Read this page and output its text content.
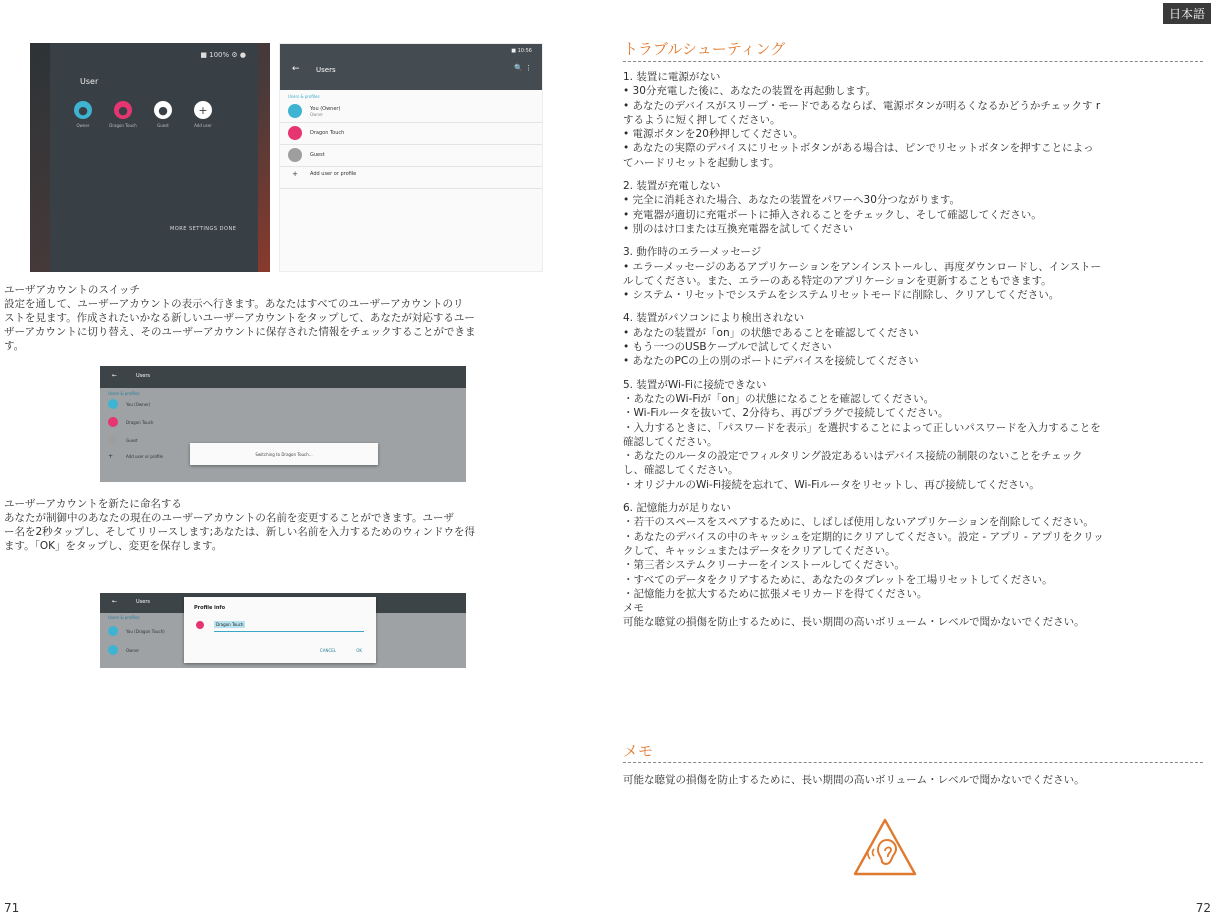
■ 100% ⚙ ●
User
●
Owner
●
Dragon Touch
●
Guest
+
Add user
MORE SETTINGS DONE
■ 10:56
← Users	🔍 ⋮
Users & profiles
You (Owner)
Owner
Dragon Touch
Guest
+	Add user or profile
ユーザアカウントのスイッチ
設定を通して、ユーザーアカウントの表示へ行きます。あなたはすべてのユーザーアカウントのリ
ストを見ます。作成されたいかなる新しいユーザーアカウントをタップして、あなたが対応するユー
ザーアカウントに切り替え、そのユーザーアカウントに保存された情報をチェックすることができま
す。
←	Users
Users & profiles
You (Owner)
Dragon Touch
Guest
+	Add user or profile	Switching to Dragon Touch...
ユーザーアカウントを新たに命名する
あなたが制御中のあなたの現在のユーザーアカウントの名前を変更することができます。ユーザ
ー名を2秒タップし、そしてリリースします;あなたは、新しい名前を入力するためのウィンドウを得
ます。「OK」をタップし、変更を保存します。
←	Users
Users & profiles
You (Dragon Touch)
Owner
Profile info
Dragon Touch
CANCEL	OK
71
日本語
トラブルシューティング

1. 装置に電源がない

• 30分充電した後に、あなたの装置を再起動します。

• あなたのデバイスがスリープ・モードであるならば、電源ボタンが明るくなるかどうかチェックす r

するように短く押してください。

• 電源ボタンを20秒押してください。

• あなたの実際のデバイスにリセットボタンがある場合は、ピンでリセットボタンを押すことによっ

てハードリセットを起動します。

2. 装置が充電しない

• 完全に消耗された場合、あなたの装置をパワーへ30分つながります。

• 充電器が適切に充電ポートに挿入されることをチェックし、そして確認してください。

• 別のはけ口または互換充電器を試してください

3. 動作時のエラーメッセージ

• エラーメッセージのあるアプリケーションをアンインストールし、再度ダウンロードし、インストー

ルしてください。また、エラーのある特定のアプリケーションを更新することもできます。

• システム・リセットでシステムをシステムリセットモードに削除し、クリアしてください。

4. 装置がパソコンにより検出されない

• あなたの装置が「on」の状態であることを確認してください

• もう一つのUSBケーブルで試してください

• あなたのPCの上の別のポートにデバイスを接続してください

5. 装置がWi-Fiに接続できない

・あなたのWi-Fiが「on」の状態になることを確認してください。

・Wi-Fiルータを抜いて、2分待ち、再びプラグで接続してください。

・入力するときに、「パスワードを表示」を選択することによって正しいパスワードを入力することを

確認してください。

・あなたのルータの設定でフィルタリング設定あるいはデバイス接続の制限のないことをチェック

し、確認してください。

・オリジナルのWi-Fi接続を忘れて、Wi-Fiルータをリセットし、再び接続してください。

6. 記憶能力が足りない

・若干のスペースをスペアするために、しばしば使用しないアプリケーションを削除してください。

・あなたのデバイスの中のキャッシュを定期的にクリアしてください。設定 - アプリ - アプリをクリッ

クして、キャッシュまたはデータをクリアしてください。

・第三者システムクリーナーをインストールしてください。

・すべてのデータをクリアするために、あなたのタブレットを工場リセットしてください。

・記憶能力を拡大するために拡張メモリカードを得てください。

メモ

可能な聴覚の損傷を防止するために、長い期間の高いボリューム・レベルで聞かないでください。

メモ
可能な聴覚の損傷を防止するために、長い期間の高いボリューム・レベルで聞かないでください。
72
